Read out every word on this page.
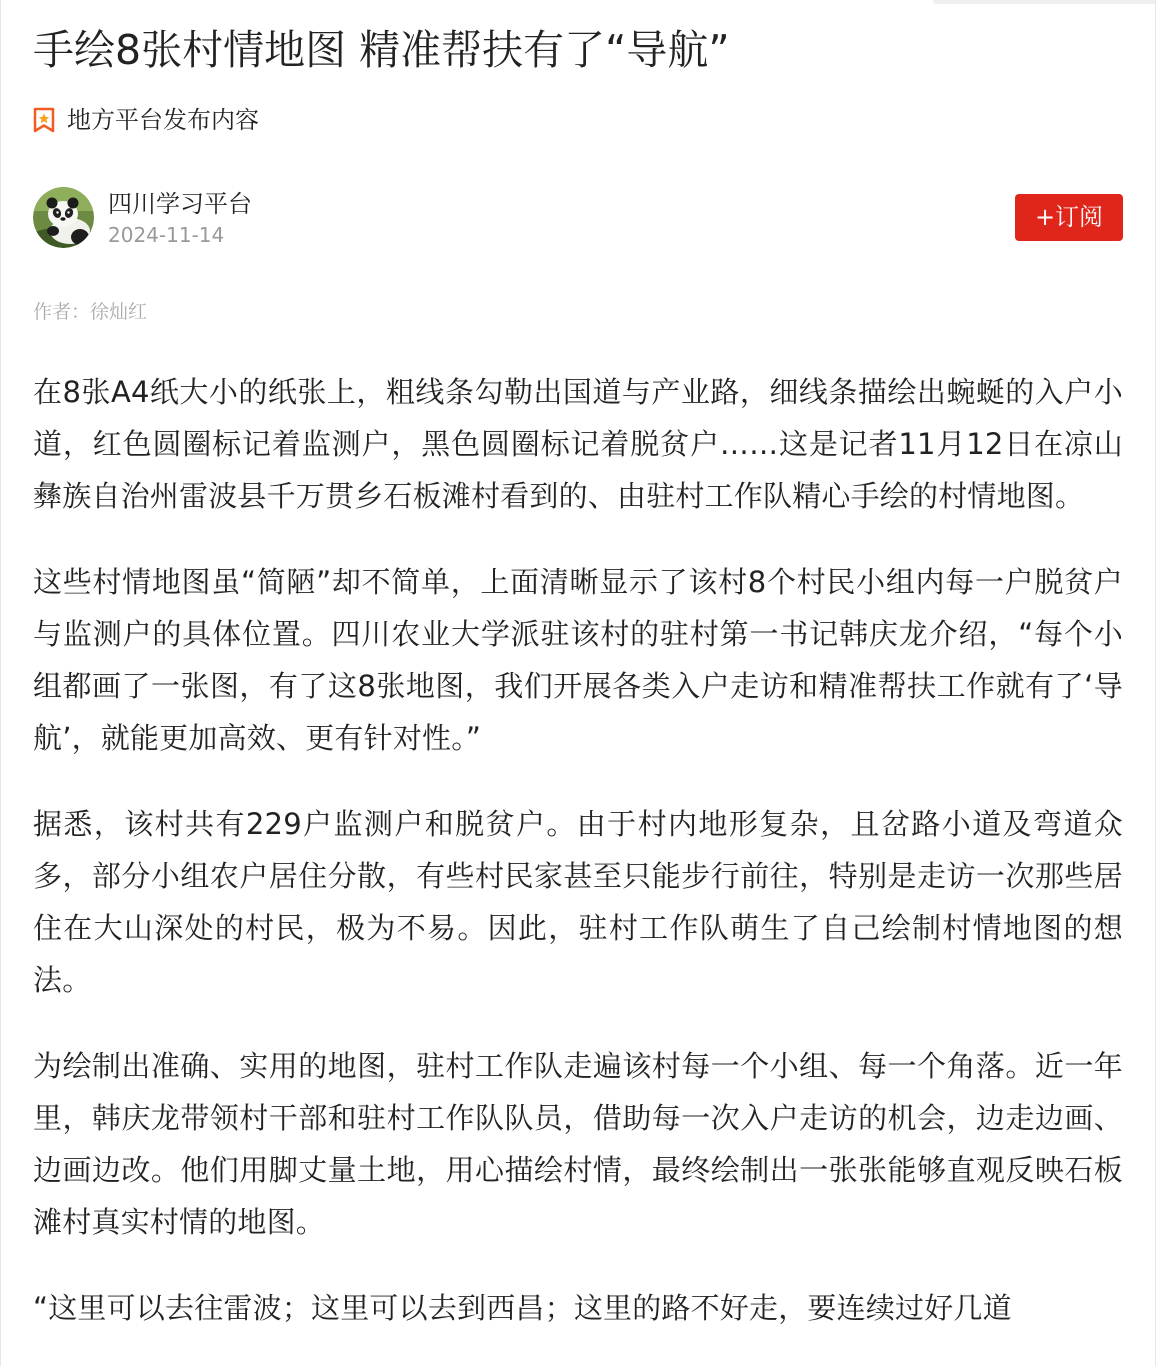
手绘8张村情地图 精准帮扶有了“导航”
地方平台发布内容
四川学习平台
2024-11-14
+订阅
作者：徐灿红

在8张A4纸大小的纸张上，粗线条勾勒出国道与产业路，细线条描绘出蜿蜒的入户小道，红色圆圈标记着监测户，黑色圆圈标记着脱贫户……这是记者11月12日在凉山彝族自治州雷波县千万贯乡石板滩村看到的、由驻村工作队精心手绘的村情地图。

这些村情地图虽“简陋”却不简单，上面清晰显示了该村8个村民小组内每一户脱贫户与监测户的具体位置。四川农业大学派驻该村的驻村第一书记韩庆龙介绍，“每个小组都画了一张图，有了这8张地图，我们开展各类入户走访和精准帮扶工作就有了‘导航’，就能更加高效、更有针对性。”

据悉，该村共有229户监测户和脱贫户。由于村内地形复杂，且岔路小道及弯道众多，部分小组农户居住分散，有些村民家甚至只能步行前往，特别是走访一次那些居住在大山深处的村民，极为不易。因此，驻村工作队萌生了自己绘制村情地图的想法。

为绘制出准确、实用的地图，驻村工作队走遍该村每一个小组、每一个角落。近一年里，韩庆龙带领村干部和驻村工作队队员，借助每一次入户走访的机会，边走边画、边画边改。他们用脚丈量土地，用心描绘村情，最终绘制出一张张能够直观反映石板滩村真实村情的地图。

“这里可以去往雷波；这里可以去到西昌；这里的路不好走，要连续过好几道
